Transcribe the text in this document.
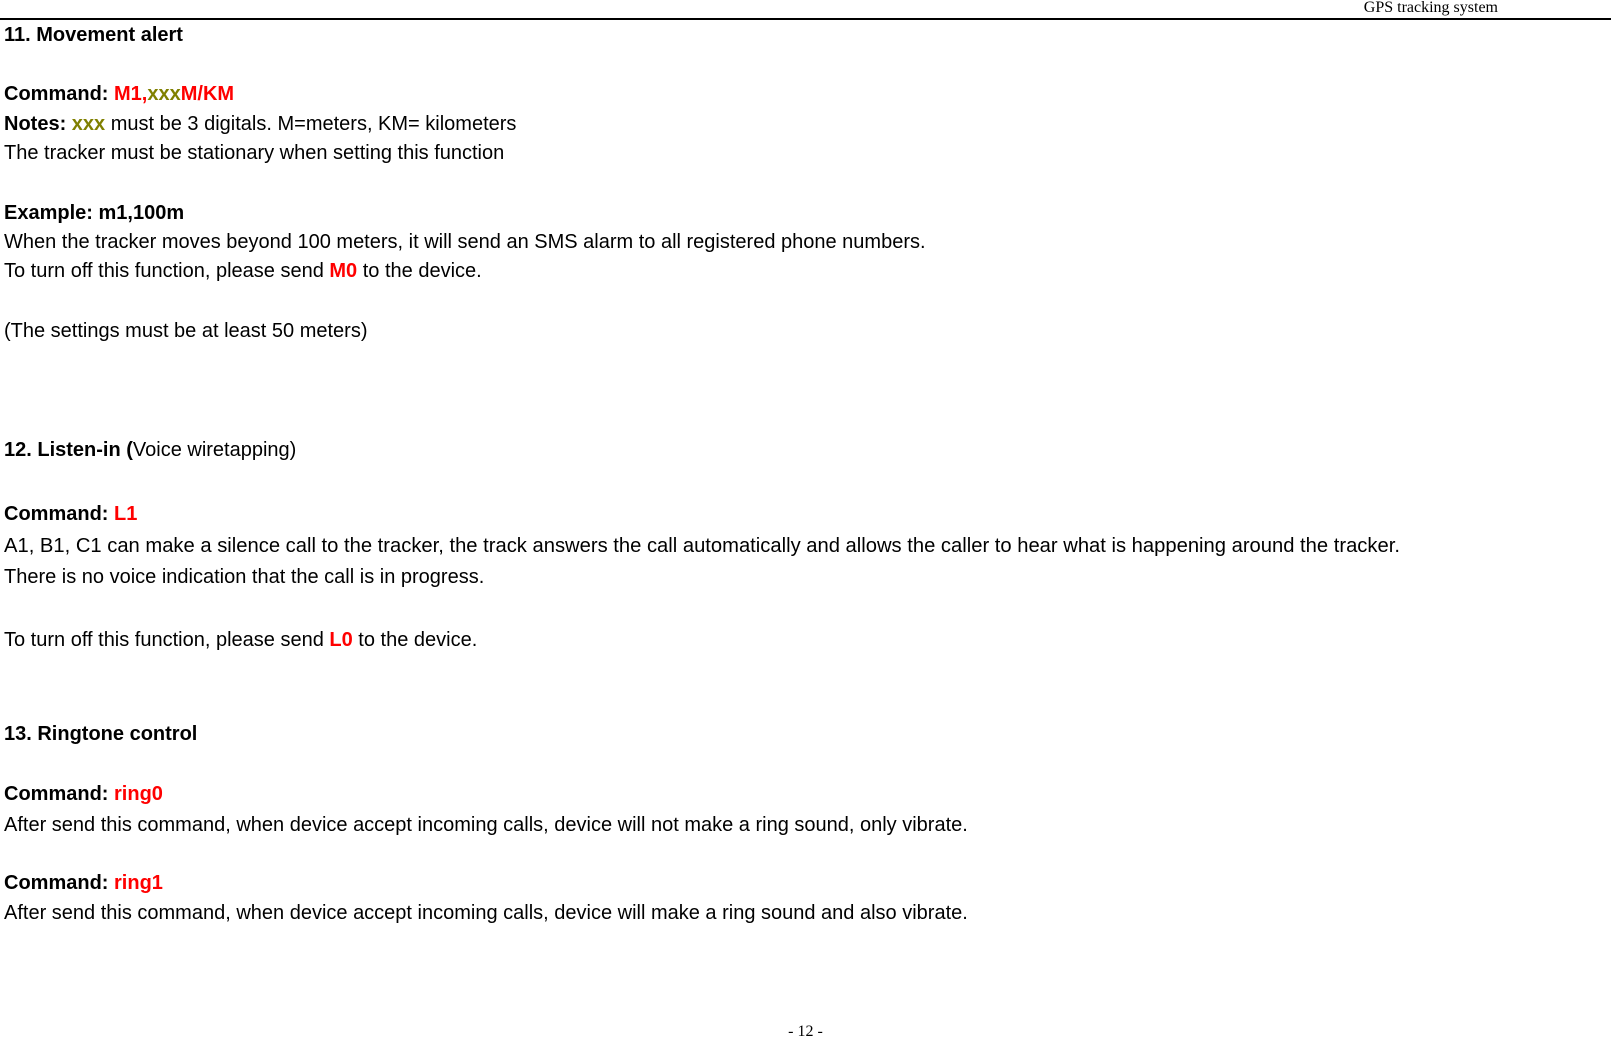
GPS tracking system
11. Movement alert
Command: M1,xxxM/KM
Notes: xxx must be 3 digitals. M=meters, KM= kilometers
The tracker must be stationary when setting this function
Example: m1,100m
When the tracker moves beyond 100 meters, it will send an SMS alarm to all registered phone numbers.
To turn off this function, please send M0 to the device.
(The settings must be at least 50 meters)
12. Listen-in (Voice wiretapping)
Command: L1
A1, B1, C1 can make a silence call to the tracker, the track answers the call automatically and allows the caller to hear what is happening around the tracker.
There is no voice indication that the call is in progress.
To turn off this function, please send L0 to the device.
13. Ringtone control
Command: ring0
After send this command, when device accept incoming calls, device will not make a ring sound, only vibrate.
Command: ring1
After send this command, when device accept incoming calls, device will make a ring sound and also vibrate.
- 12 -
